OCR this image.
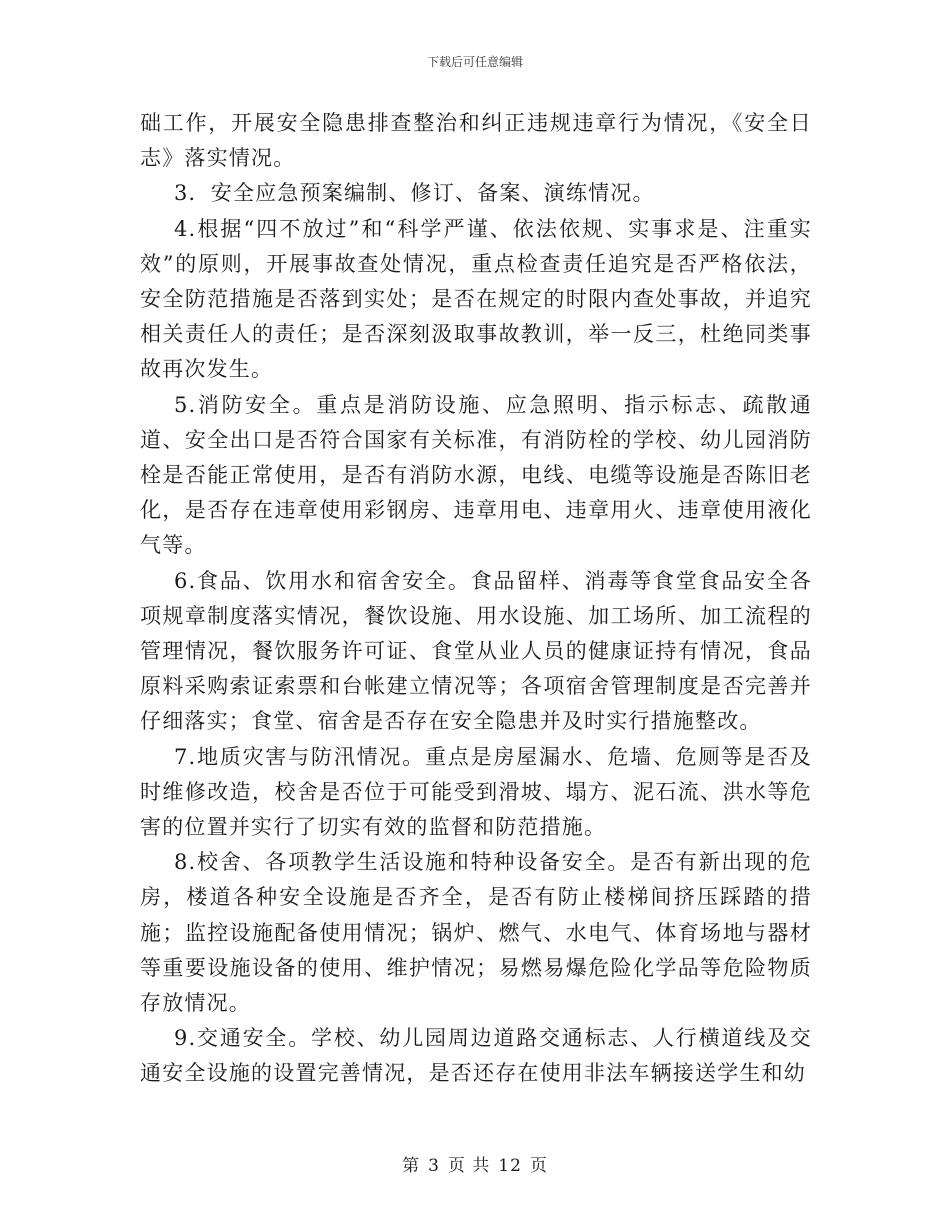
下载后可任意编辑

础工作，开展安全隐患排查整治和纠正违规违章行为情况，《安全日志》落实情况。

3．安全应急预案编制、修订、备案、演练情况。

4.根据“四不放过”和“科学严谨、依法依规、实事求是、注重实效”的原则，开展事故查处情况，重点检查责任追究是否严格依法，安全防范措施是否落到实处；是否在规定的时限内查处事故，并追究相关责任人的责任；是否深刻汲取事故教训，举一反三，杜绝同类事故再次发生。

5.消防安全。重点是消防设施、应急照明、指示标志、疏散通道、安全出口是否符合国家有关标准，有消防栓的学校、幼儿园消防栓是否能正常使用，是否有消防水源，电线、电缆等设施是否陈旧老化，是否存在违章使用彩钢房、违章用电、违章用火、违章使用液化气等。

6.食品、饮用水和宿舍安全。食品留样、消毒等食堂食品安全各项规章制度落实情况，餐饮设施、用水设施、加工场所、加工流程的管理情况，餐饮服务许可证、食堂从业人员的健康证持有情况，食品原料采购索证索票和台帐建立情况等；各项宿舍管理制度是否完善并仔细落实；食堂、宿舍是否存在安全隐患并及时实行措施整改。

7.地质灾害与防汛情况。重点是房屋漏水、危墙、危厕等是否及时维修改造，校舍是否位于可能受到滑坡、塌方、泥石流、洪水等危害的位置并实行了切实有效的监督和防范措施。

8.校舍、各项教学生活设施和特种设备安全。是否有新出现的危房，楼道各种安全设施是否齐全，是否有防止楼梯间挤压踩踏的措施；监控设施配备使用情况；锅炉、燃气、水电气、体育场地与器材等重要设施设备的使用、维护情况；易燃易爆危险化学品等危险物质存放情况。

9.交通安全。学校、幼儿园周边道路交通标志、人行横道线及交通安全设施的设置完善情况，是否还存在使用非法车辆接送学生和幼

第 3 页 共 12 页
